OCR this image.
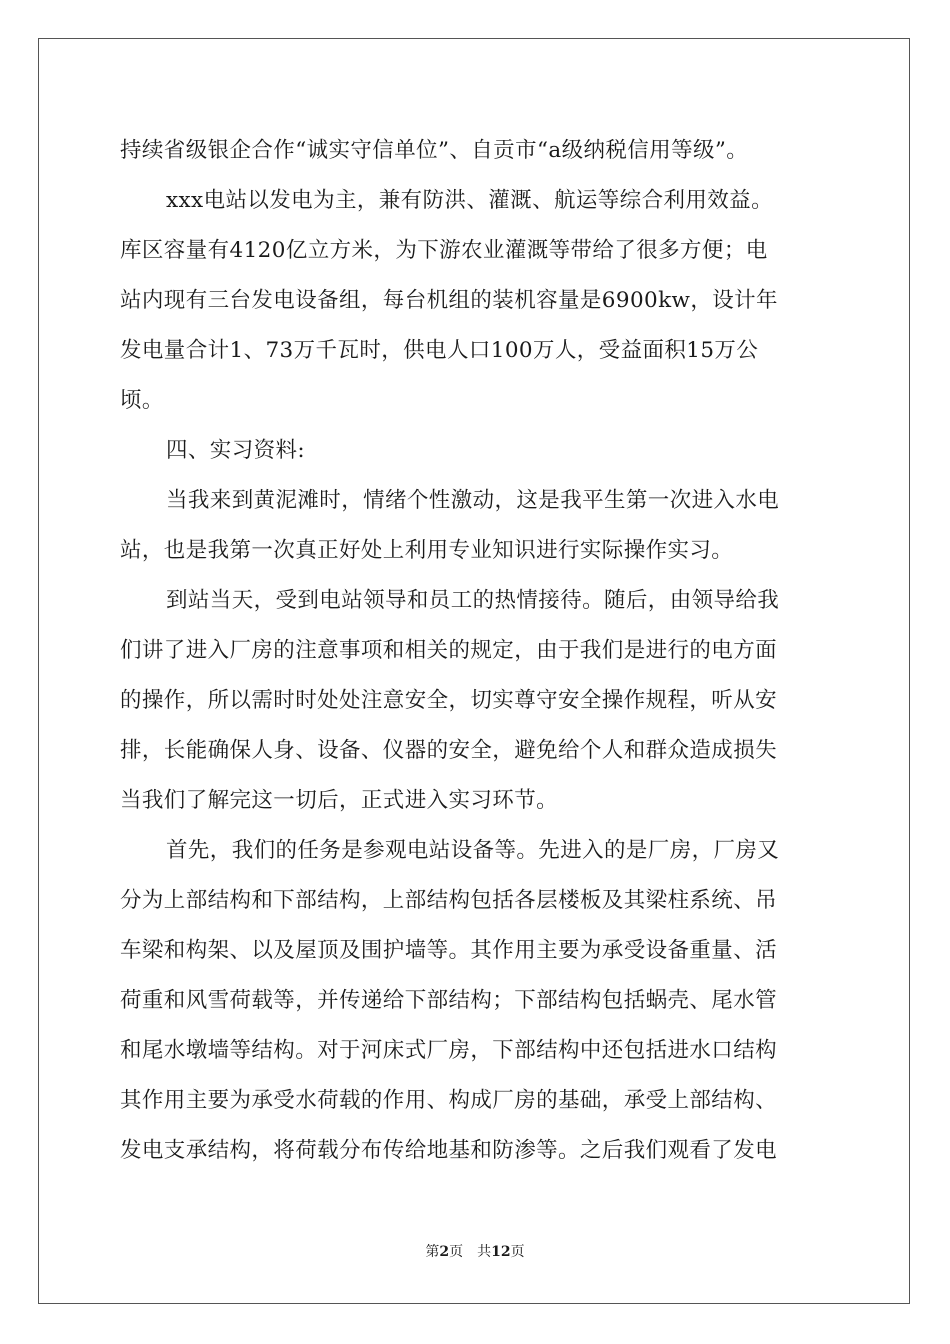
持续省级银企合作“诚实守信单位”、自贡市“a级纳税信用等级”。
xxx电站以发电为主，兼有防洪、灌溉、航运等综合利用效益。
库区容量有4120亿立方米，为下游农业灌溉等带给了很多方便；电
站内现有三台发电设备组，每台机组的装机容量是6900kw，设计年
发电量合计1、73万千瓦时，供电人口100万人，受益面积15万公
顷。
四、实习资料:
当我来到黄泥滩时，情绪个性激动，这是我平生第一次进入水电
站，也是我第一次真正好处上利用专业知识进行实际操作实习。
到站当天，受到电站领导和员工的热情接待。随后，由领导给我
们讲了进入厂房的注意事项和相关的规定，由于我们是进行的电方面
的操作，所以需时时处处注意安全，切实尊守安全操作规程，听从安
排，长能确保人身、设备、仪器的安全，避免给个人和群众造成损失
当我们了解完这一切后，正式进入实习环节。
首先，我们的任务是参观电站设备等。先进入的是厂房，厂房又
分为上部结构和下部结构，上部结构包括各层楼板及其梁柱系统、吊
车梁和构架、以及屋顶及围护墙等。其作用主要为承受设备重量、活
荷重和风雪荷载等，并传递给下部结构；下部结构包括蜗壳、尾水管
和尾水墩墙等结构。对于河床式厂房，下部结构中还包括进水口结构
其作用主要为承受水荷载的作用、构成厂房的基础，承受上部结构、
发电支承结构，将荷载分布传给地基和防渗等。之后我们观看了发电
第2页 共12页
